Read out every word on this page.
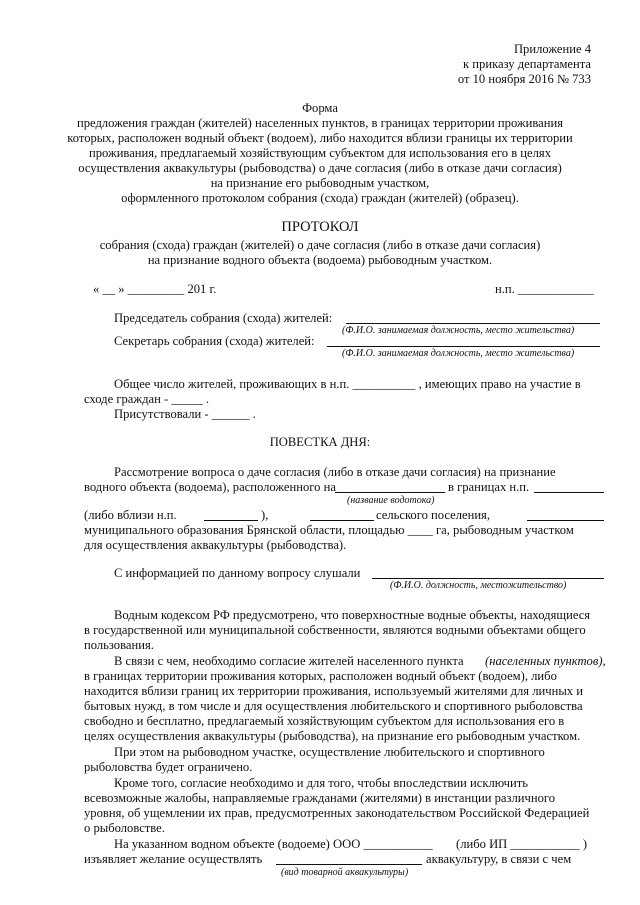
Приложение 4
к приказу департамента
от 10 ноября 2016 № 733
Форма
предложения граждан (жителей) населенных пунктов, в границах территории проживания
которых, расположен водный объект (водоем), либо находится вблизи границы их территории
проживания, предлагаемый хозяйствующим субъектом для использования его в целях
осуществления аквакультуры (рыбоводства) о даче согласия (либо в отказе дачи согласия)
на признание его рыбоводным участком,
оформленного протоколом собрания (схода) граждан (жителей) (образец).
ПРОТОКОЛ
собрания (схода) граждан (жителей) о даче согласия (либо в отказе дачи согласия)
на признание водного объекта (водоема) рыбоводным участком.
« __ » _________ 201 г.	н.п. ____________
Председатель собрания (схода) жителей:
(Ф.И.О. занимаемая должность, место жительства)
Секретарь собрания (схода) жителей:
(Ф.И.О. занимаемая должность, место жительства)
Общее число жителей, проживающих в н.п. __________ , имеющих право на участие в
сходе граждан - _____ .
Присутствовали - ______ .
ПОВЕСТКА ДНЯ:
Рассмотрение вопроса о даче согласия (либо в отказе дачи согласия) на признание
водного объекта (водоема), расположенного на	в границах н.п.
(название водотока)
(либо вблизи н.п.	),	сельского поселения,
муниципального образования Брянской области, площадью ____ га, рыбоводным участком
для осуществления аквакультуры (рыбоводства).
С информацией по данному вопросу слушали
(Ф.И.О. должность, местожительство)
Водным кодексом РФ предусмотрено, что поверхностные водные объекты, находящиеся
в государственной или муниципальной собственности, являются водными объектами общего
пользования.
В связи с чем, необходимо согласие жителей населенного пункта (населенных пунктов),
в границах территории проживания которых, расположен водный объект (водоем), либо
находится вблизи границ их территории проживания, используемый жителями для личных и
бытовых нужд, в том числе и для осуществления любительского и спортивного рыболовства
свободно и бесплатно, предлагаемый хозяйствующим субъектом для использования его в
целях осуществления аквакультуры (рыбоводства), на признание его рыбоводным участком.
При этом на рыбоводном участке, осуществление любительского и спортивного
рыболовства будет ограничено.
Кроме того, согласие необходимо и для того, чтобы впоследствии исключить
всевозможные жалобы, направляемые гражданами (жителями) в инстанции различного
уровня, об ущемлении их прав, предусмотренных законодательством Российской Федерацией
о рыболовстве.
На указанном водном объекте (водоеме) ООО ___________ (либо ИП ___________ )
изъявляет желание осуществлять	аквакультуру, в связи с чем
(вид товарной аквакультуры)
